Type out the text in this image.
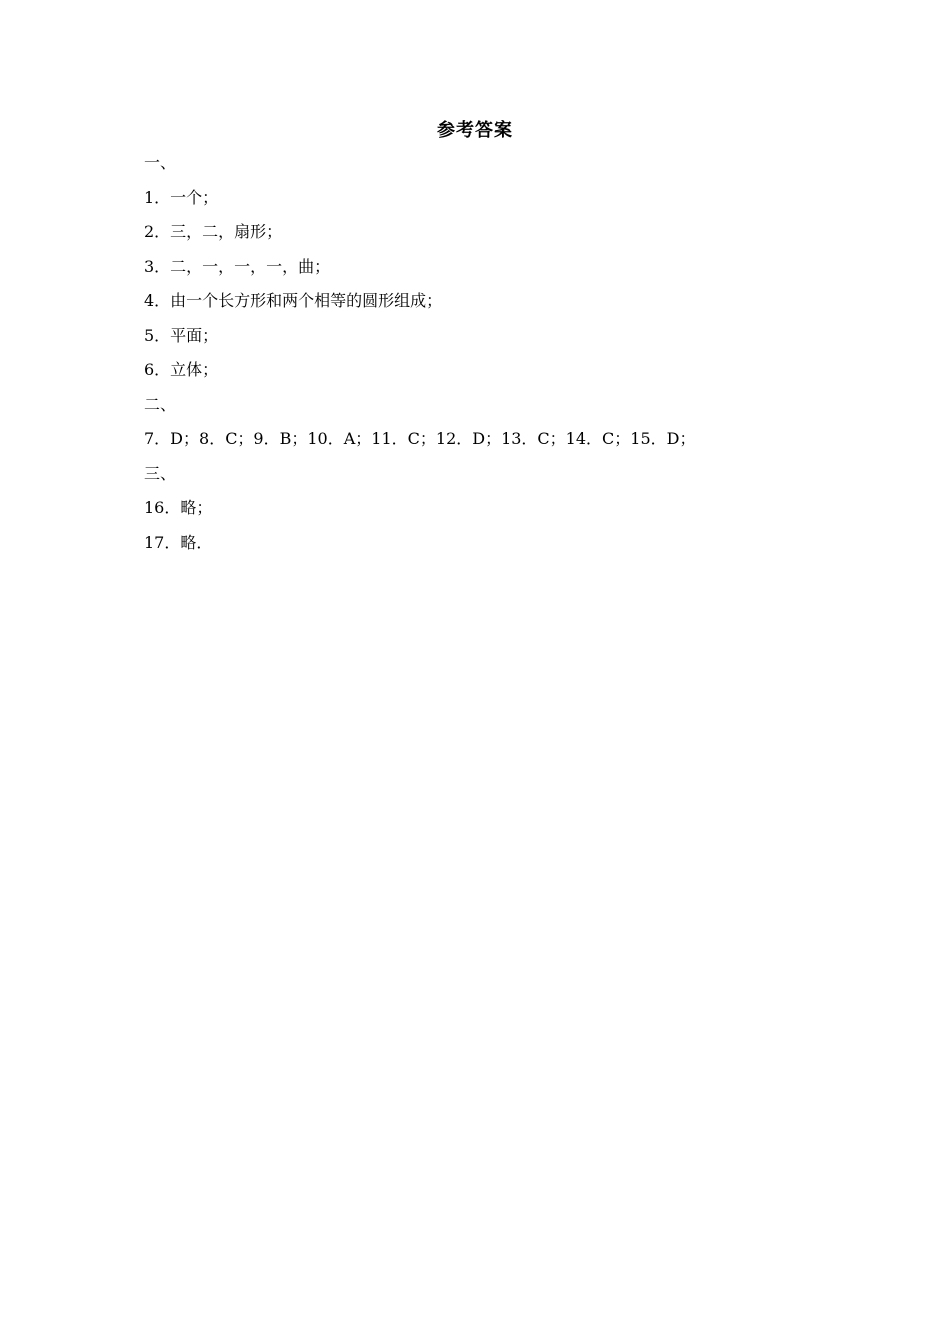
参考答案
一、
1．一个；
2．三，二，扇形；
3．二，一，一，一，曲；
4．由一个长方形和两个相等的圆形组成；
5．平面；
6．立体；
二、
7．D；8．C；9．B；10．A；11．C；12．D；13．C；14．C；15．D；
三、
16．略；
17．略．
